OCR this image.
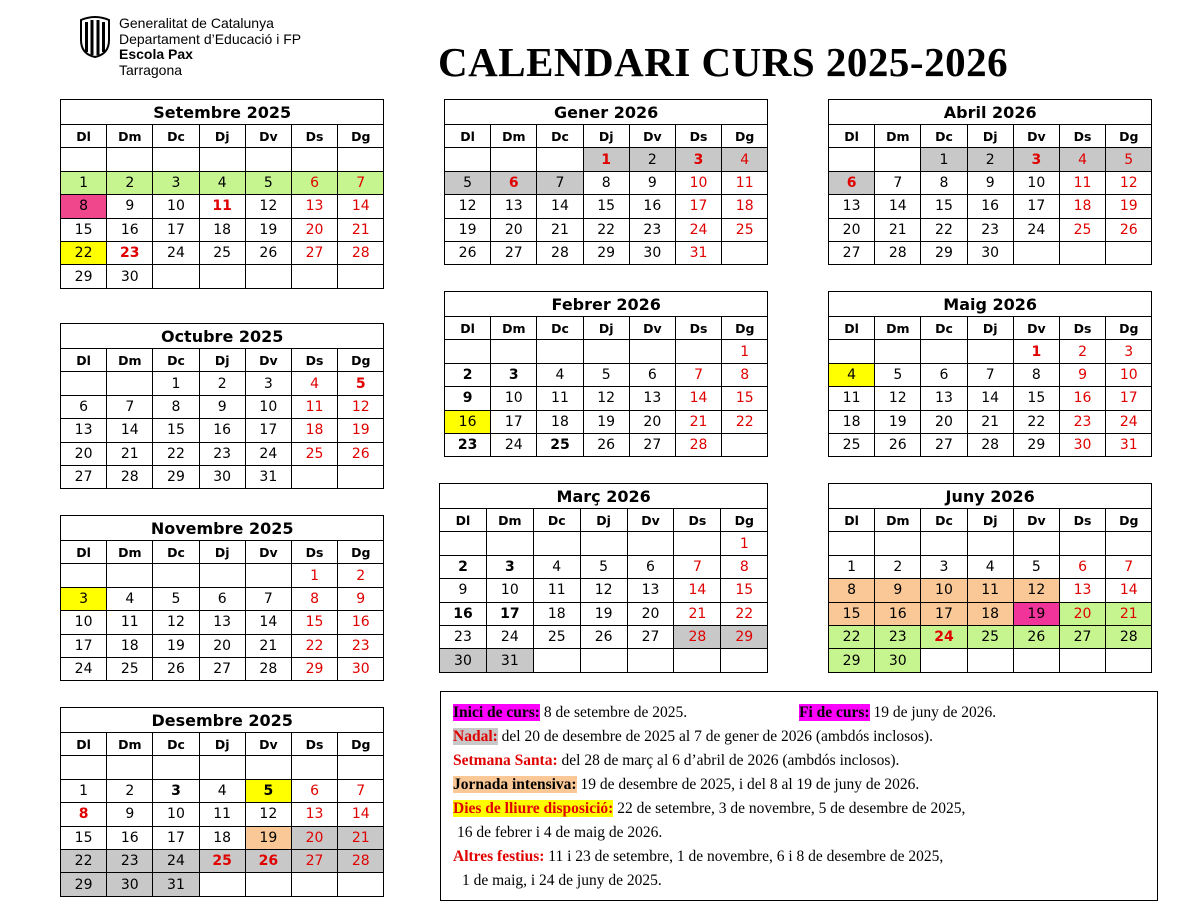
Generalitat de Catalunya
Departament d’Educació i FP
Escola Pax
Tarragona	CALENDARI CURS 2025-2026
Setembre 2025						
Dl	Dm	Dc	Dj	Dv	Ds	Dg

1	2	3	4	5	6	7
8	9	10	11	12	13	14
15	16	17	18	19	20	21
22	23	24	25	26	27	28
29	30					
Octubre 2025						
Dl	Dm	Dc	Dj	Dv	Ds	Dg
		1	2	3	4	5
6	7	8	9	10	11	12
13	14	15	16	17	18	19
20	21	22	23	24	25	26
27	28	29	30	31		
Novembre 2025						
Dl	Dm	Dc	Dj	Dv	Ds	Dg
					1	2
3	4	5	6	7	8	9
10	11	12	13	14	15	16
17	18	19	20	21	22	23
24	25	26	27	28	29	30
Desembre 2025						
Dl	Dm	Dc	Dj	Dv	Ds	Dg

1	2	3	4	5	6	7
8	9	10	11	12	13	14
15	16	17	18	19	20	21
22	23	24	25	26	27	28
29	30	31				
Gener 2026						
Dl	Dm	Dc	Dj	Dv	Ds	Dg
			1	2	3	4
5	6	7	8	9	10	11
12	13	14	15	16	17	18
19	20	21	22	23	24	25
26	27	28	29	30	31	
Febrer 2026						
Dl	Dm	Dc	Dj	Dv	Ds	Dg
						1
2	3	4	5	6	7	8
9	10	11	12	13	14	15
16	17	18	19	20	21	22
23	24	25	26	27	28	
Març 2026						
Dl	Dm	Dc	Dj	Dv	Ds	Dg
						1
2	3	4	5	6	7	8
9	10	11	12	13	14	15
16	17	18	19	20	21	22
23	24	25	26	27	28	29
30	31					
Abril 2026						
Dl	Dm	Dc	Dj	Dv	Ds	Dg
		1	2	3	4	5
6	7	8	9	10	11	12
13	14	15	16	17	18	19
20	21	22	23	24	25	26
27	28	29	30			
Maig 2026						
Dl	Dm	Dc	Dj	Dv	Ds	Dg
				1	2	3
4	5	6	7	8	9	10
11	12	13	14	15	16	17
18	19	20	21	22	23	24
25	26	27	28	29	30	31
Juny 2026						
Dl	Dm	Dc	Dj	Dv	Ds	Dg

1	2	3	4	5	6	7
8	9	10	11	12	13	14
15	16	17	18	19	20	21
22	23	24	25	26	27	28
29	30					
Inici de curs: 8 de setembre de 2025.	Fi de curs: 19 de juny de 2026.
Nadal: del 20 de desembre de 2025 al 7 de gener de 2026 (ambdós inclosos).
Setmana Santa: del 28 de març al 6 d’abril de 2026 (ambdós inclosos).
Jornada intensiva: 19 de desembre de 2025, i del 8 al 19 de juny de 2026.
Dies de lliure disposició: 22 de setembre, 3 de novembre, 5 de desembre de 2025,
16 de febrer i 4 de maig de 2026.
Altres festius: 11 i 23 de setembre, 1 de novembre, 6 i 8 de desembre de 2025,
1 de maig, i 24 de juny de 2025.
